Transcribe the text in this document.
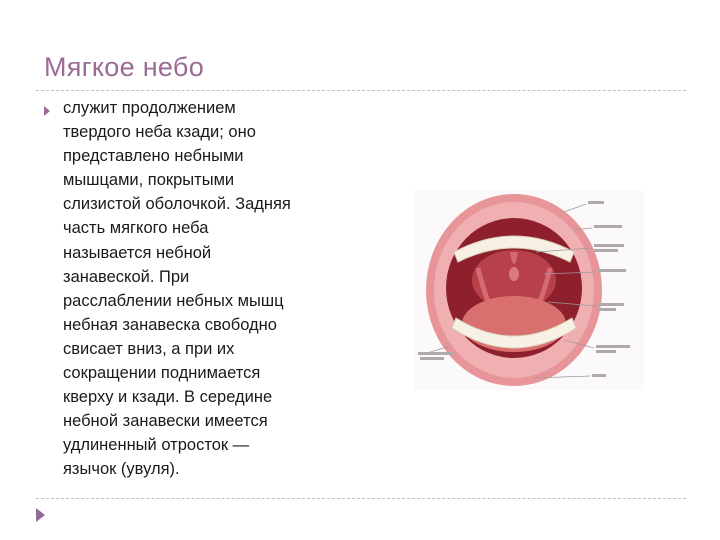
Мягкое небо
служит продолжением
твердого неба кзади; оно
представлено небными
мышцами, покрытыми
слизистой оболочкой. Задняя
часть мягкого неба
называется небной
занавеской. При
расслаблении небных мышц
небная занавеска свободно
свисает вниз, а при их
сокращении поднимается
кверху и кзади. В середине
небной занавески имеется
удлиненный отросток —
язычок (увуля).
